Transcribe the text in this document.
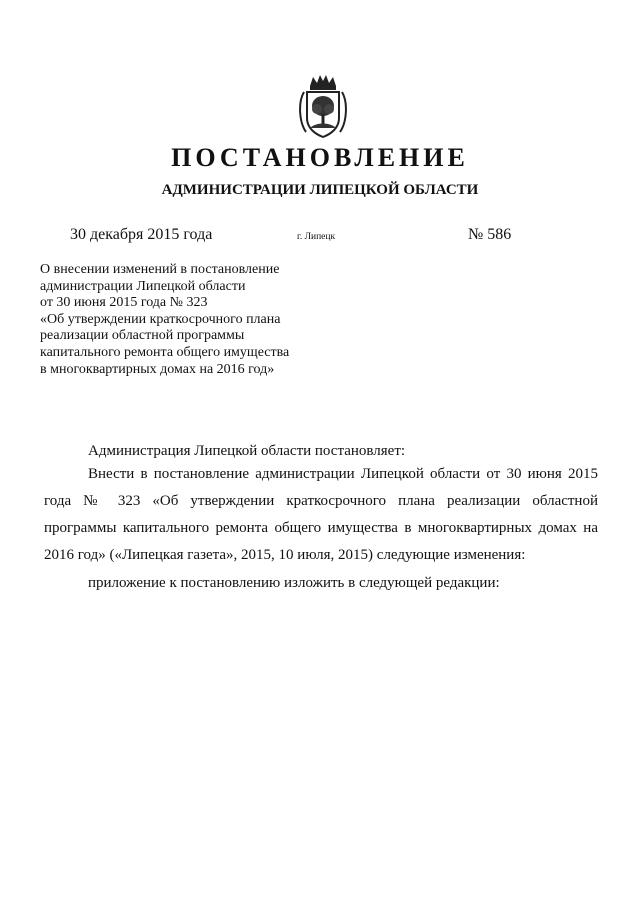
ПОСТАНОВЛЕНИЕ
АДМИНИСТРАЦИИ ЛИПЕЦКОЙ ОБЛАСТИ
30 декабря 2015 года	г. Липецк	№ 586
О внесении изменений в постановление
администрации Липецкой области
от 30 июня 2015 года № 323
«Об утверждении краткосрочного плана
реализации областной программы
капитального ремонта общего имущества
в многоквартирных домах на 2016 год»
Администрация Липецкой области постановляет:
Внести в постановление администрации Липецкой области от 30 июня 2015
года № 323 «Об утверждении краткосрочного плана реализации областной
программы капитального ремонта общего имущества в многоквартирных домах на
2016 год» («Липецкая газета», 2015, 10 июля, 2015) следующие изменения:
приложение к постановлению изложить в следующей редакции:
